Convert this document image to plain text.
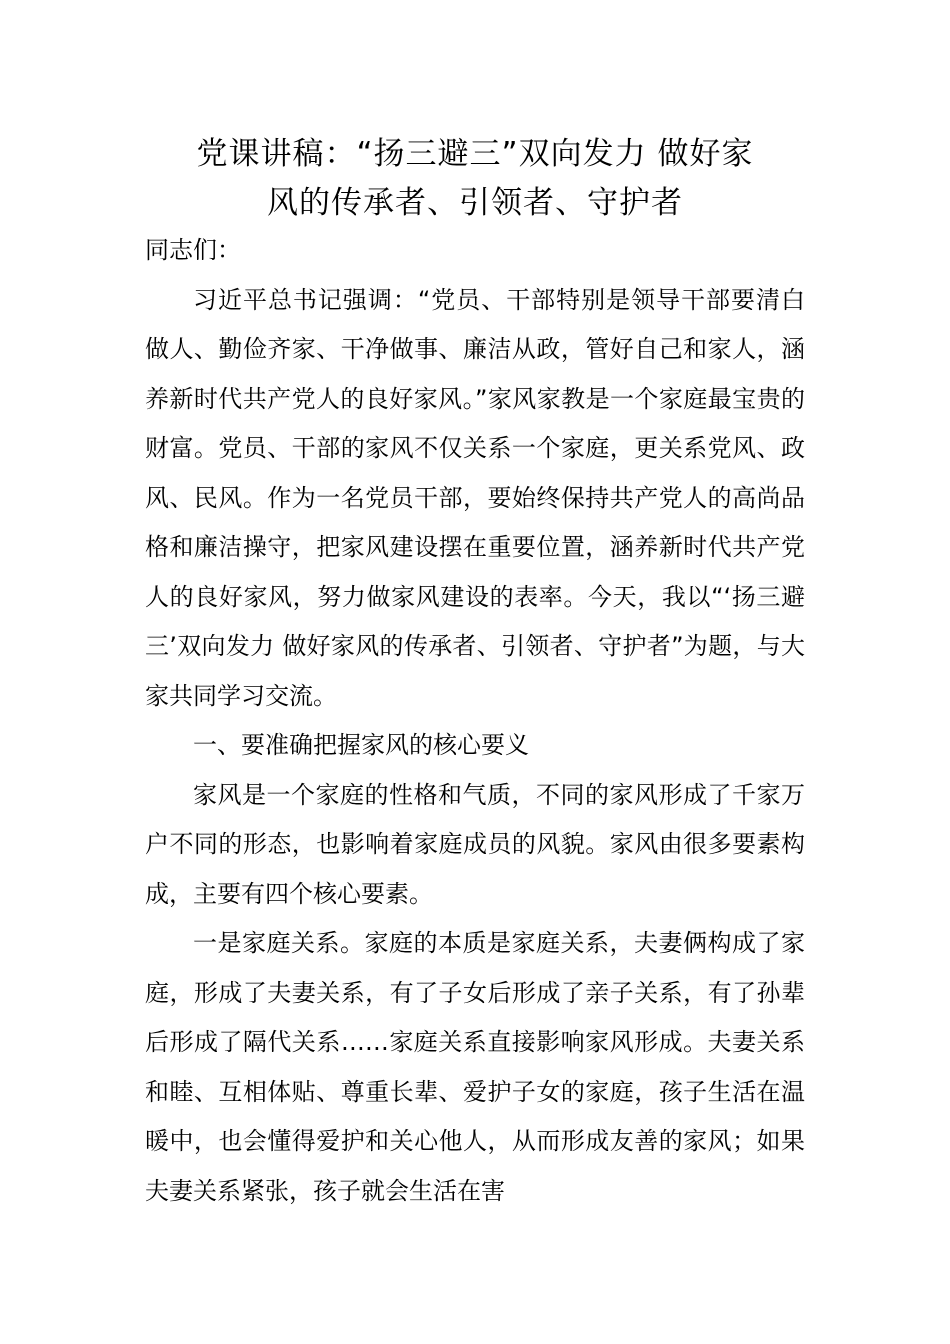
党课讲稿：“扬三避三”双向发力 做好家
风的传承者、引领者、守护者

同志们：

习近平总书记强调：“党员、干部特别是领导干部要清白做人、勤俭齐家、干净做事、廉洁从政，管好自己和家人，涵养新时代共产党人的良好家风。”家风家教是一个家庭最宝贵的财富。党员、干部的家风不仅关系一个家庭，更关系党风、政风、民风。作为一名党员干部，要始终保持共产党人的高尚品格和廉洁操守，把家风建设摆在重要位置，涵养新时代共产党人的良好家风，努力做家风建设的表率。今天，我以“‘扬三避三’双向发力 做好家风的传承者、引领者、守护者”为题，与大家共同学习交流。

一、要准确把握家风的核心要义

家风是一个家庭的性格和气质，不同的家风形成了千家万户不同的形态，也影响着家庭成员的风貌。家风由很多要素构成，主要有四个核心要素。

一是家庭关系。家庭的本质是家庭关系，夫妻俩构成了家庭，形成了夫妻关系，有了子女后形成了亲子关系，有了孙辈后形成了隔代关系……家庭关系直接影响家风形成。夫妻关系和睦、互相体贴、尊重长辈、爱护子女的家庭，孩子生活在温暖中，也会懂得爱护和关心他人，从而形成友善的家风；如果夫妻关系紧张，孩子就会生活在害
